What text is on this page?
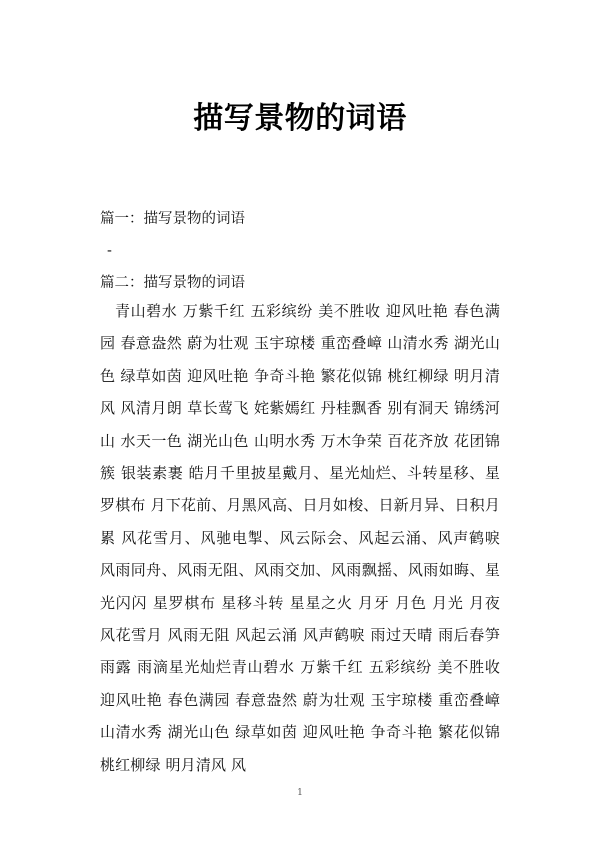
描写景物的词语
篇一：描写景物的词语
-
篇二：描写景物的词语

青山碧水 万紫千红 五彩缤纷 美不胜收 迎风吐艳 春色满园 春意盎然 蔚为壮观 玉宇琼楼 重峦叠嶂 山清水秀 湖光山色 绿草如茵 迎风吐艳 争奇斗艳 繁花似锦 桃红柳绿 明月清风 风清月朗 草长莺飞 姹紫嫣红 丹桂飘香 别有洞天 锦绣河山 水天一色 湖光山色 山明水秀 万木争荣 百花齐放 花团锦簇 银装素裹 皓月千里披星戴月、星光灿烂、斗转星移、星罗棋布 月下花前、月黑风高、日月如梭、日新月异、日积月累 风花雪月、风驰电掣、风云际会、风起云涌、风声鹤唳 风雨同舟、风雨无阻、风雨交加、风雨飘摇、风雨如晦、星光闪闪 星罗棋布 星移斗转 星星之火 月牙 月色 月光 月夜 风花雪月 风雨无阻 风起云涌 风声鹤唳 雨过天晴 雨后春笋 雨露 雨滴星光灿烂青山碧水 万紫千红 五彩缤纷 美不胜收 迎风吐艳 春色满园 春意盎然 蔚为壮观 玉宇琼楼 重峦叠嶂 山清水秀 湖光山色 绿草如茵 迎风吐艳 争奇斗艳 繁花似锦 桃红柳绿 明月清风 风

1
